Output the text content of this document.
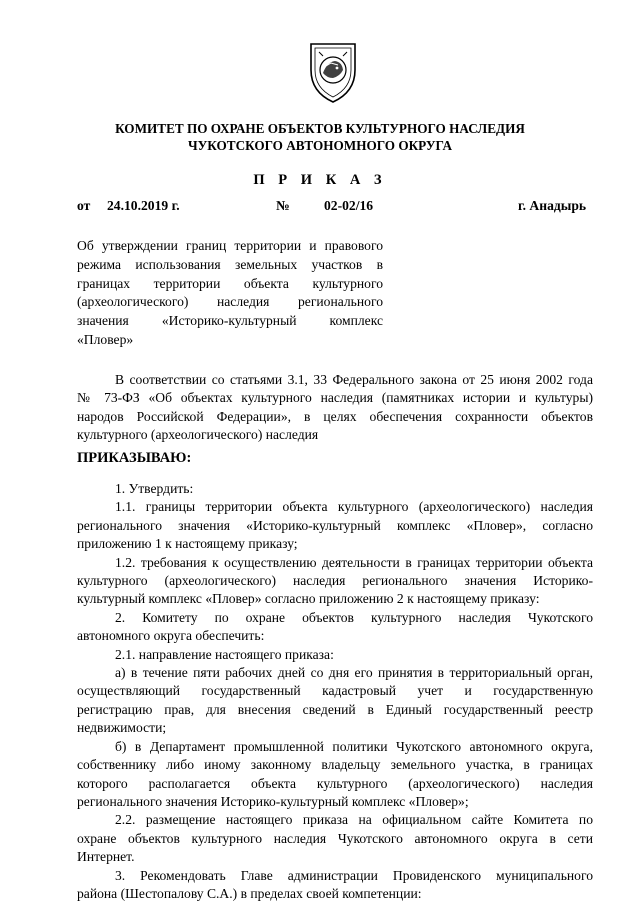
КОМИТЕТ ПО ОХРАНЕ ОБЪЕКТОВ КУЛЬТУРНОГО НАСЛЕДИЯ
ЧУКОТСКОГО АВТОНОМНОГО ОКРУГА
П Р И К А З
от 24.10.2019 г.	№	02-02/16	г. Анадырь
Об утверждении границ территории и правового
режима использования земельных участков в
границах территории объекта культурного
(археологического) наследия регионального
значения «Историко-культурный комплекс
«Пловер»
В соответствии со статьями 3.1, 33 Федерального закона от 25 июня 2002 года
№ 73-ФЗ «Об объектах культурного наследия (памятниках истории и культуры)
народов Российской Федерации», в целях обеспечения сохранности объектов
культурного (археологического) наследия
ПРИКАЗЫВАЮ:
1. Утвердить:
1.1. границы территории объекта культурного (археологического) наследия
регионального значения «Историко-культурный комплекс «Пловер», согласно
приложению 1 к настоящему приказу;
1.2. требования к осуществлению деятельности в границах территории объекта
культурного (археологического) наследия регионального значения Историко-
культурный комплекс «Пловер» согласно приложению 2 к настоящему приказу:
2. Комитету по охране объектов культурного наследия Чукотского
автономного округа обеспечить:
2.1. направление настоящего приказа:
а) в течение пяти рабочих дней со дня его принятия в территориальный орган,
осуществляющий государственный кадастровый учет и государственную
регистрацию прав, для внесения сведений в Единый государственный реестр
недвижимости;
б) в Департамент промышленной политики Чукотского автономного округа,
собственнику либо иному законному владельцу земельного участка, в границах
которого располагается объекта культурного (археологического) наследия
регионального значения Историко-культурный комплекс «Пловер»;
2.2. размещение настоящего приказа на официальном сайте Комитета по
охране объектов культурного наследия Чукотского автономного округа в сети
Интернет.
3. Рекомендовать Главе администрации Провиденского муниципального
района (Шестопалову С.А.) в пределах своей компетенции:
